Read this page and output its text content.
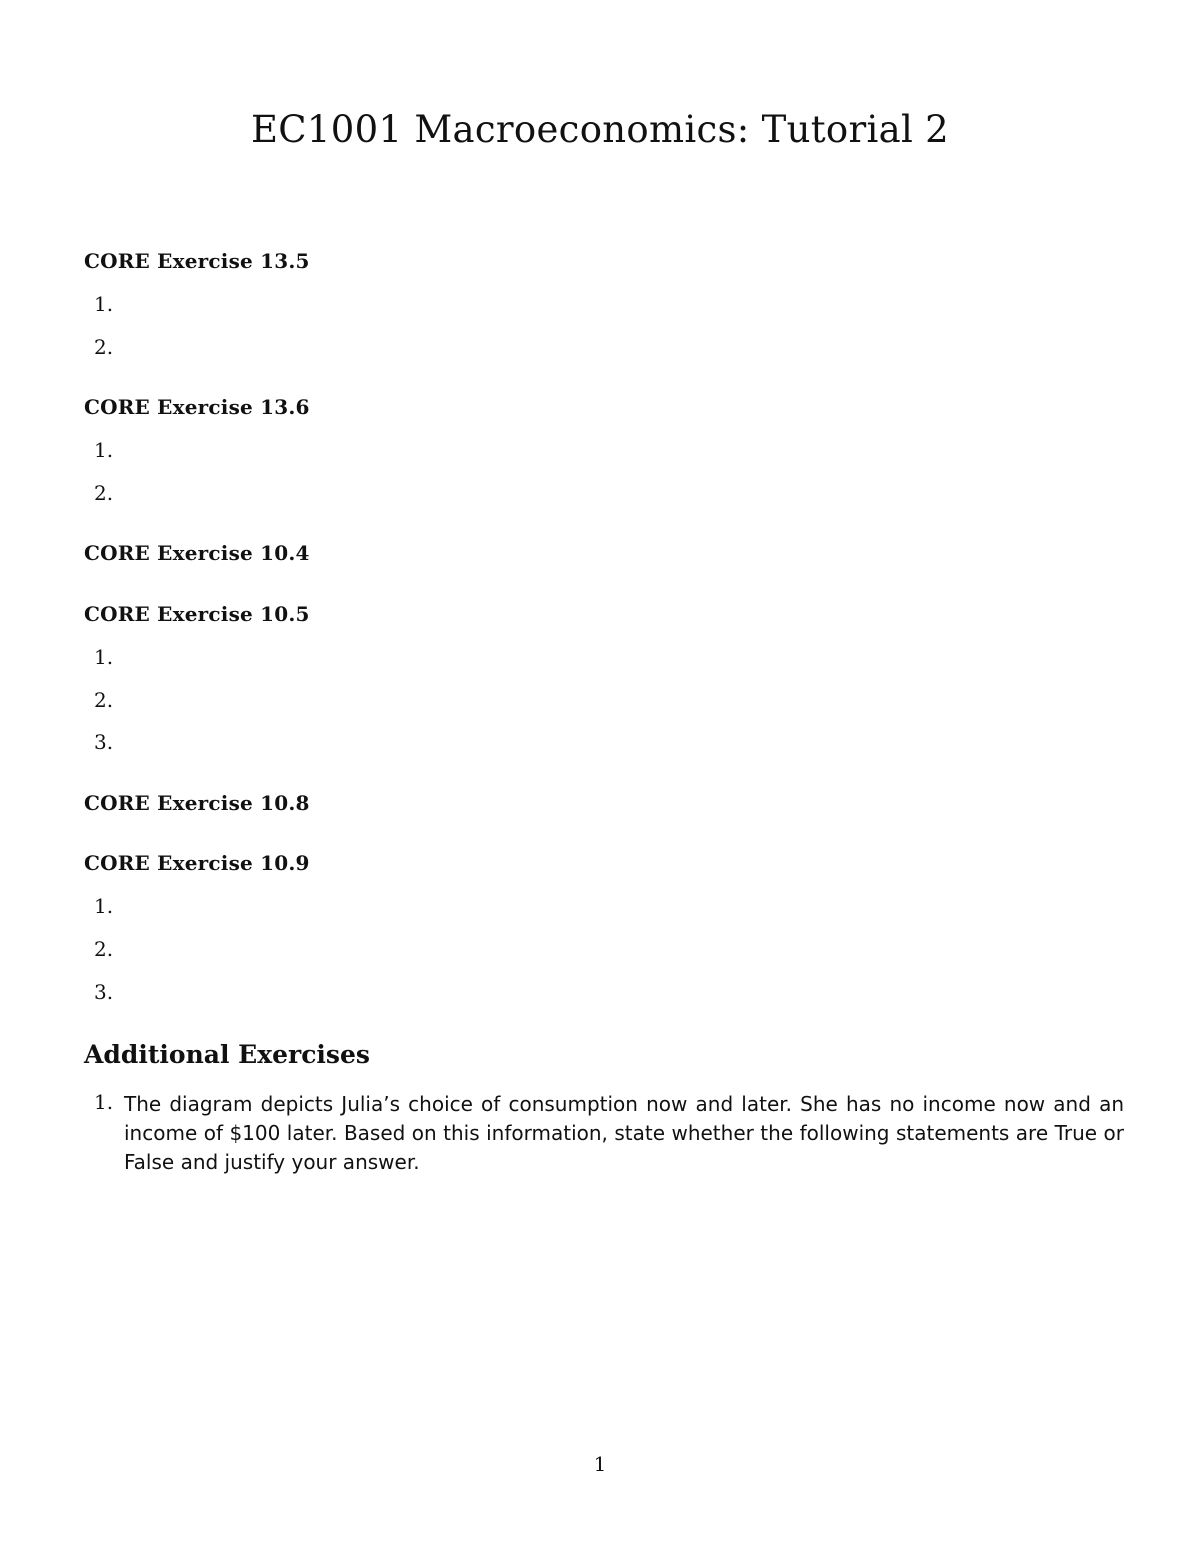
EC1001 Macroeconomics: Tutorial 2
CORE Exercise 13.5
1.
2.
CORE Exercise 13.6
1.
2.
CORE Exercise 10.4
CORE Exercise 10.5
1.
2.
3.
CORE Exercise 10.8
CORE Exercise 10.9
1.
2.
3.
Additional Exercises
1. The diagram depicts Julia’s choice of consumption now and later. She has no income now and an income of $100 later. Based on this information, state whether the following statements are True or False and justify your answer.
1
